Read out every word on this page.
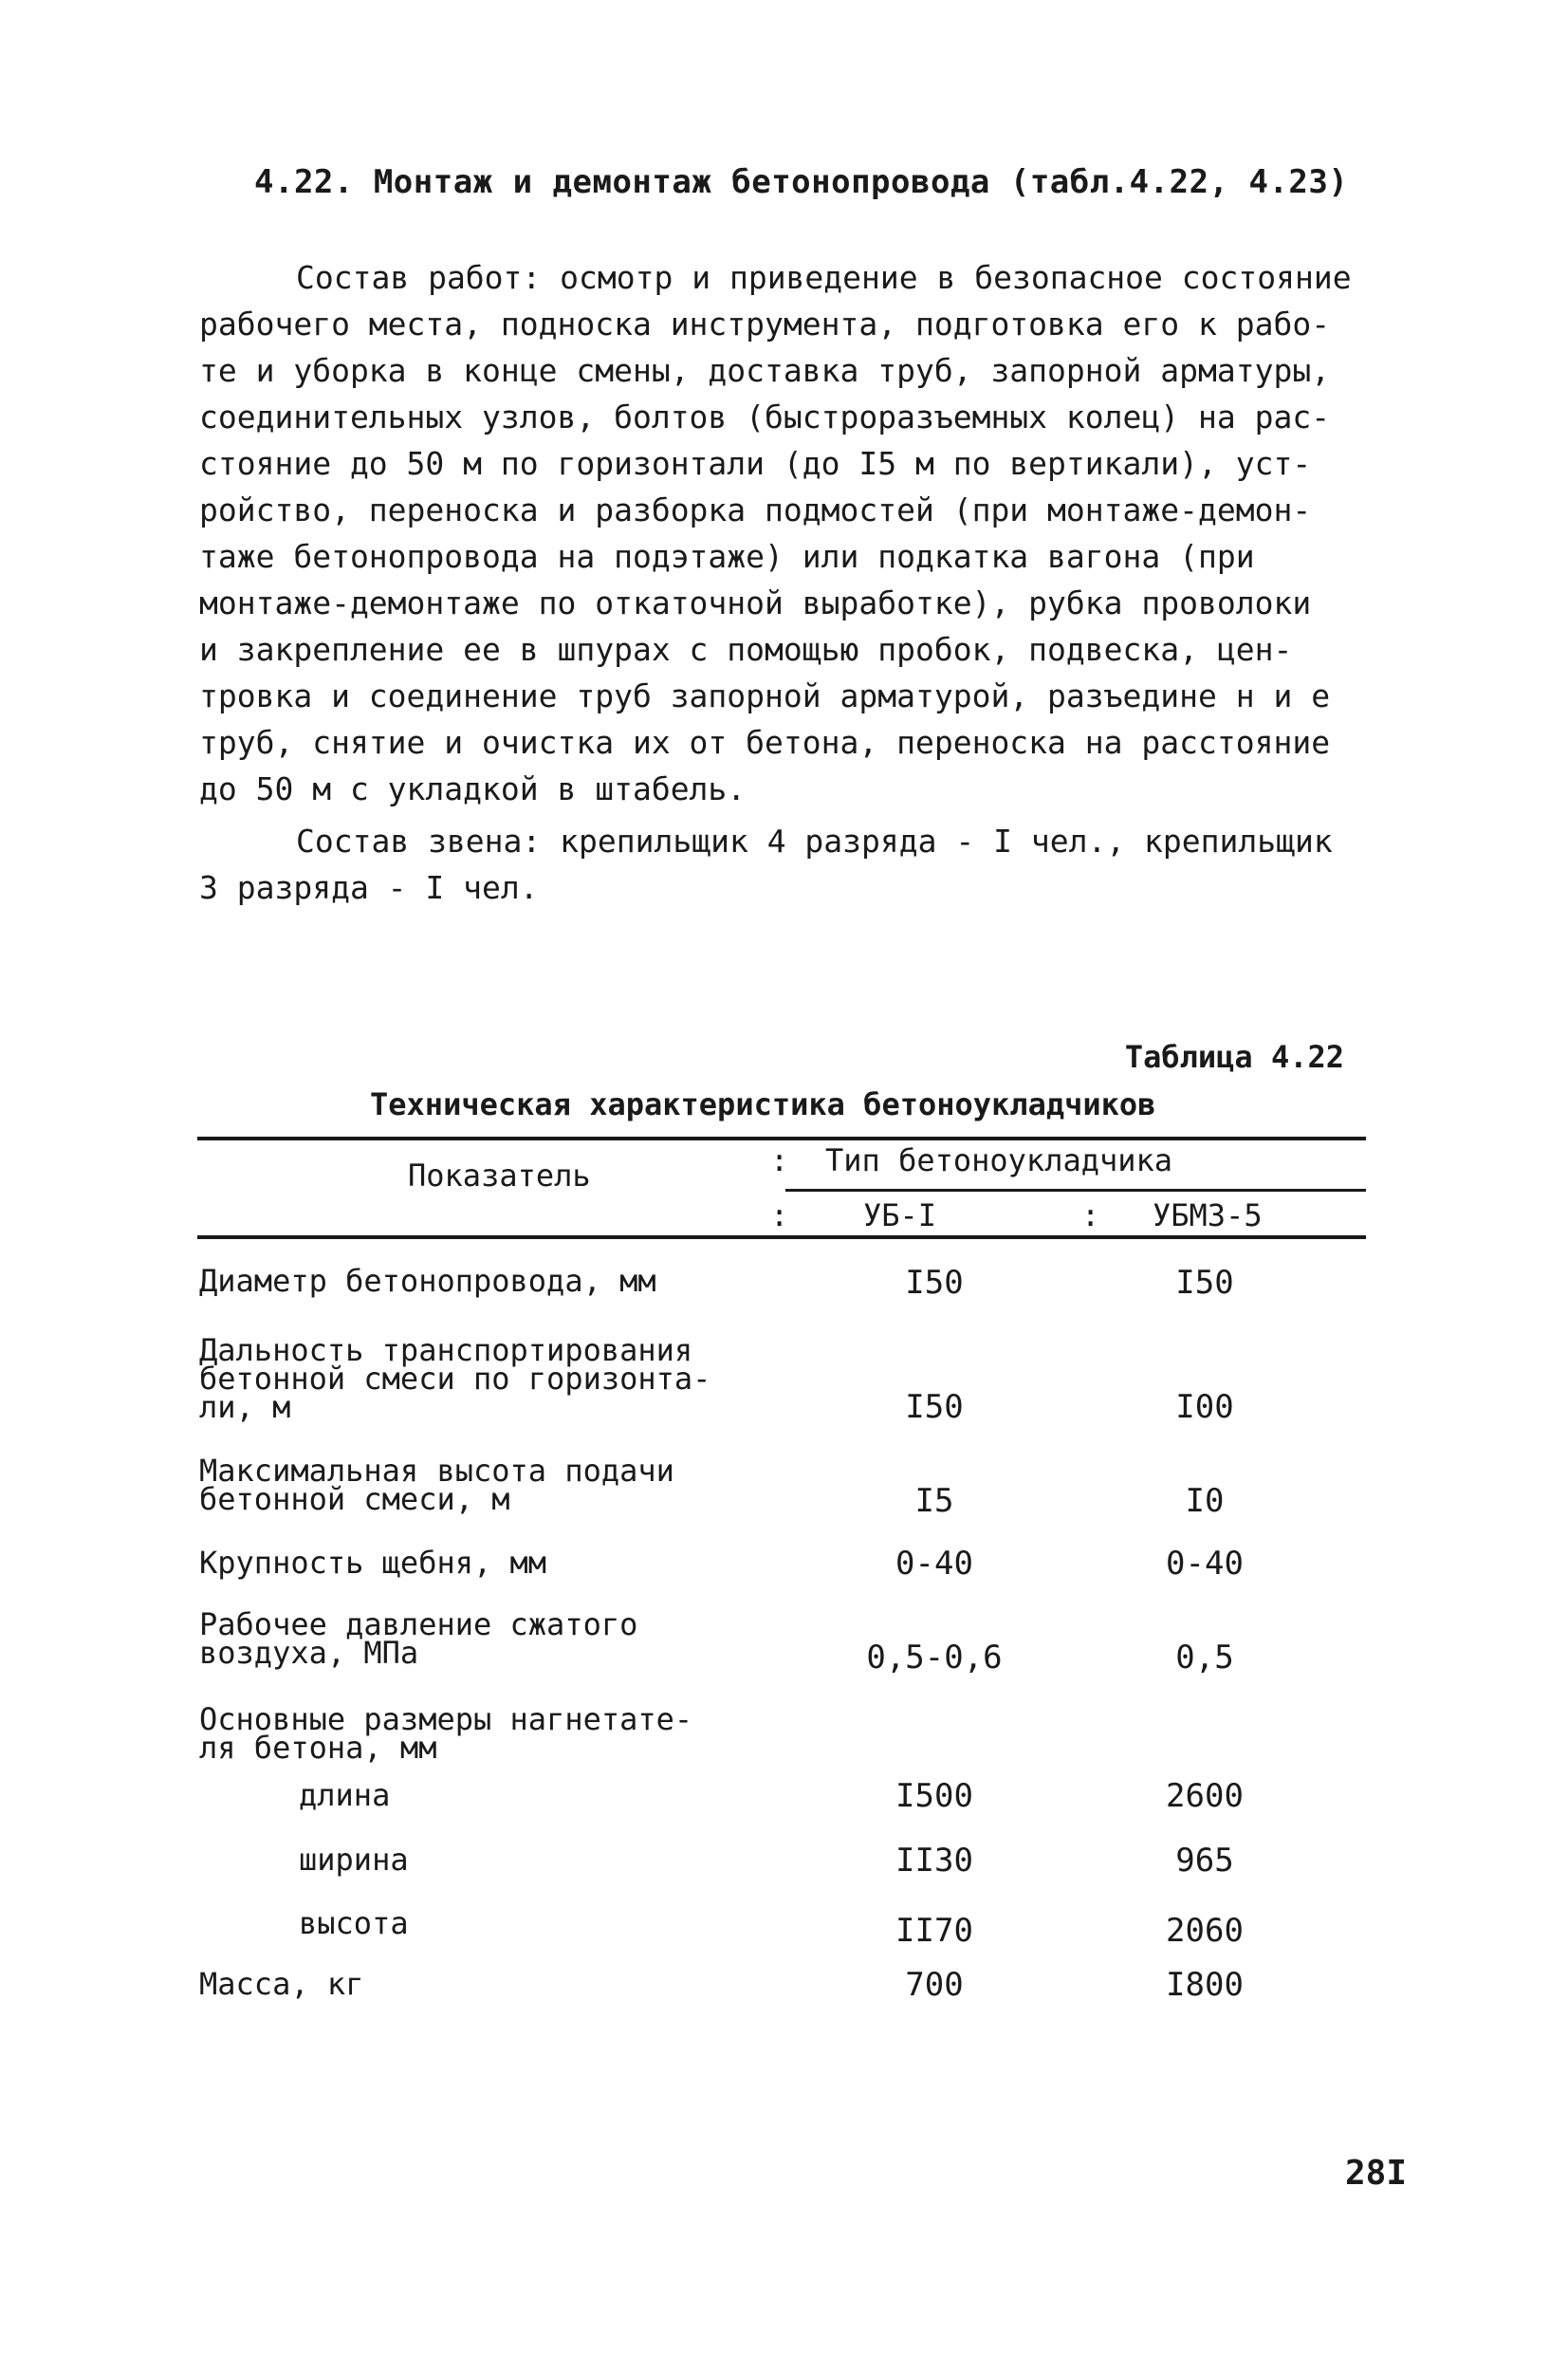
4.22. Монтаж и демонтаж бетонопровода (табл.4.22, 4.23)
Состав работ: осмотр и приведение в безопасное состояние
рабочего места, поднoска инструмента, подготовка его к рабо-
те и уборка в конце смены, доставка труб, запорной арматуры,
соединительных узлов, болтов (быстроразъемных колец) на рас-
стояние до 50 м по горизонтали (до I5 м по вертикали), уст-
ройство, переноска и разборка подмостей (при монтаже-демон-
таже бетонопровода на подэтаже) или подкатка вагона (при
монтаже-демонтаже по откаточной выработке), рубка проволоки
и закрепление ее в шпурах с помощью пробок, подвеска, цен-
тровка и соединение труб запорной арматурой, разъедине н и е
труб, снятие и очистка их от бетона, переноска на расстояние
до 50 м с укладкой в штабель.
Состав звена: крепильщик 4 разряда - I чел., крепильщик
3 разряда - I чел.
Таблица 4.22
Техническая характеристика бетоноукладчиков
Показатель	: Тип бетоноукладчика
: УБ-I	: УБМЗ-5
Диаметр бетонопровода, мм	I50	I50
Дальность транспортирования
бетонной смеси по горизонта-
ли, м	I50	I00
Максимальная высота подачи
бетонной смеси, м	I5	I0
Крупность щебня, мм	0-40	0-40
Рабочее давление сжатого
воздуха, МПа	0,5-0,6	0,5
Основные размеры нагнетате-
ля бетона, мм
длина	I500	2600
ширина	II30	965
высота	II70	2060
Масса, кг	700	I800
28I
